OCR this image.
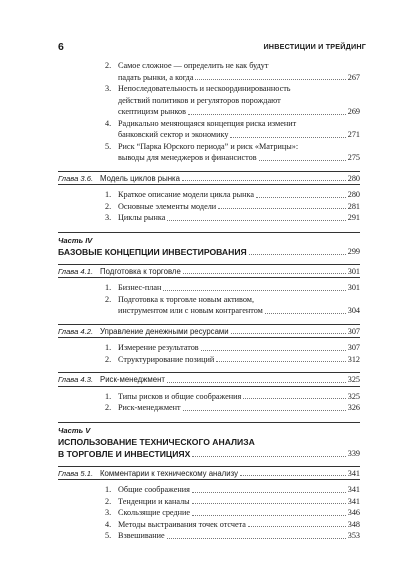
6	ИНВЕСТИЦИИ И ТРЕЙДИНГ
2. Самое сложное — определить не как будут
падать рынки, а когда	267
3. Непоследовательность и нескоординированность
действий политиков и регуляторов порождают
скептицизм рынков	269
4. Радикально меняющаяся концепция риска изменит
банковский сектор и экономику	271
5. Риск “Парка Юрского периода” и риск «Матрицы»:
выводы для менеджеров и финансистов	275
Глава 3.6. Модель циклов рынка	280
1. Краткое описание модели цикла рынка	280
2. Основные элементы модели	281
3. Циклы рынка	291
Часть IV
БАЗОВЫЕ КОНЦЕПЦИИ ИНВЕСТИРОВАНИЯ	299
Глава 4.1. Подготовка к торговле	301
1. Бизнес-план	301
2. Подготовка к торговле новым активом,
инструментом или с новым контрагентом	304
Глава 4.2. Управление денежными ресурсами	307
1. Измерение результатов	307
2. Структурирование позиций	312
Глава 4.3. Риск-менеджмент	325
1. Типы рисков и общие соображения	325
2. Риск-менеджмент	326
Часть V
ИСПОЛЬЗОВАНИЕ ТЕХНИЧЕСКОГО АНАЛИЗА
В ТОРГОВЛЕ И ИНВЕСТИЦИЯХ	339
Глава 5.1. Комментарии к техническому анализу	341
1. Общие соображения	341
2. Тенденции и каналы	341
3. Скользящие средние	346
4. Методы выстраивания точек отсчета	348
5. Взвешивание	353
